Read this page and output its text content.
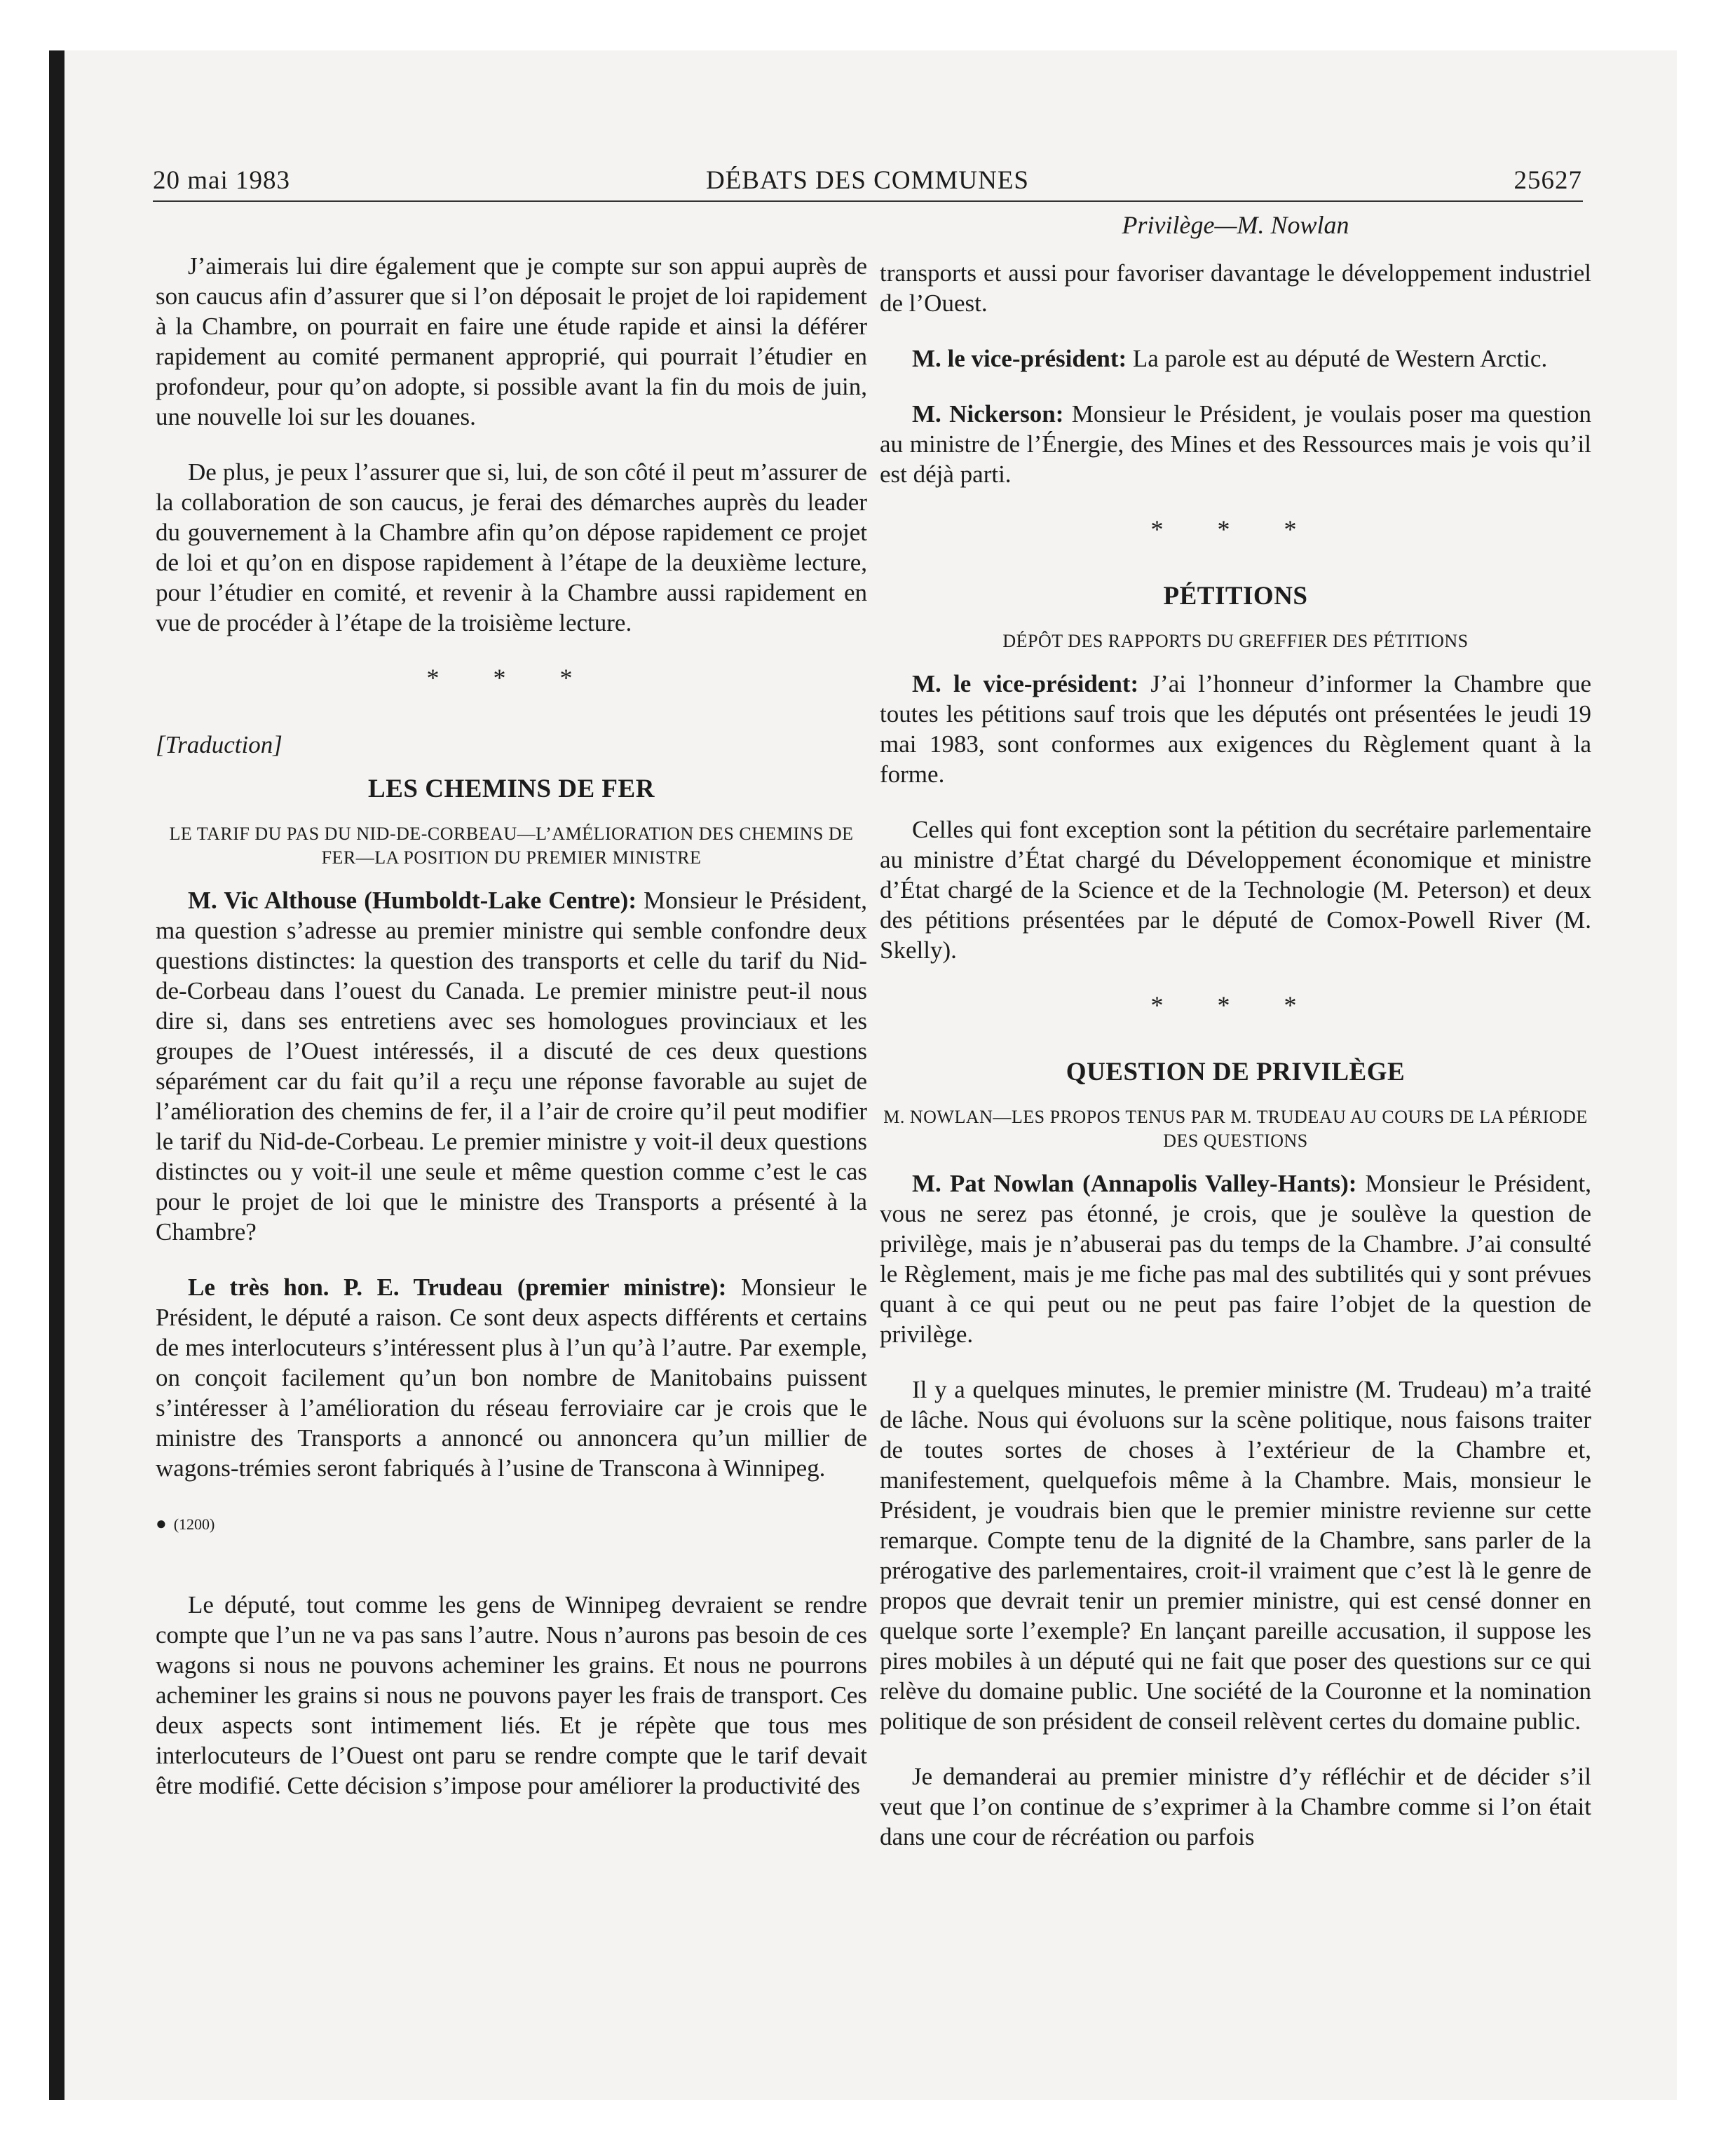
20 mai 1983	DÉBATS DES COMMUNES	25627
Privilège—M. Nowlan

J’aimerais lui dire également que je compte sur son appui auprès de son caucus afin d’assurer que si l’on déposait le projet de loi rapidement à la Chambre, on pourrait en faire une étude rapide et ainsi la déférer rapidement au comité permanent approprié, qui pourrait l’étudier en profondeur, pour qu’on adopte, si possible avant la fin du mois de juin, une nouvelle loi sur les douanes.

De plus, je peux l’assurer que si, lui, de son côté il peut m’assurer de la collaboration de son caucus, je ferai des démarches auprès du leader du gouvernement à la Chambre afin qu’on dépose rapidement ce projet de loi et qu’on en dispose rapidement à l’étape de la deuxième lecture, pour l’étudier en comité, et revenir à la Chambre aussi rapidement en vue de procéder à l’étape de la troisième lecture.

* * *
[Traduction]
LES CHEMINS DE FER
LE TARIF DU PAS DU NID-DE-CORBEAU—L’AMÉLIORATION DES CHEMINS DE FER—LA POSITION DU PREMIER MINISTRE

M. Vic Althouse (Humboldt-Lake Centre): Monsieur le Président, ma question s’adresse au premier ministre qui semble confondre deux questions distinctes: la question des transports et celle du tarif du Nid-de-Corbeau dans l’ouest du Canada. Le premier ministre peut-il nous dire si, dans ses entretiens avec ses homologues provinciaux et les groupes de l’Ouest intéressés, il a discuté de ces deux questions séparément car du fait qu’il a reçu une réponse favorable au sujet de l’amélioration des chemins de fer, il a l’air de croire qu’il peut modifier le tarif du Nid-de-Corbeau. Le premier ministre y voit-il deux questions distinctes ou y voit-il une seule et même question comme c’est le cas pour le projet de loi que le ministre des Transports a présenté à la Chambre?

Le très hon. P. E. Trudeau (premier ministre): Monsieur le Président, le député a raison. Ce sont deux aspects différents et certains de mes interlocuteurs s’intéressent plus à l’un qu’à l’autre. Par exemple, on conçoit facilement qu’un bon nombre de Manitobains puissent s’intéresser à l’amélioration du réseau ferroviaire car je crois que le ministre des Transports a annoncé ou annoncera qu’un millier de wagons-trémies seront fabriqués à l’usine de Transcona à Winnipeg.

● (1200)

Le député, tout comme les gens de Winnipeg devraient se rendre compte que l’un ne va pas sans l’autre. Nous n’aurons pas besoin de ces wagons si nous ne pouvons acheminer les grains. Et nous ne pourrons acheminer les grains si nous ne pouvons payer les frais de transport. Ces deux aspects sont intimement liés. Et je répète que tous mes interlocuteurs de l’Ouest ont paru se rendre compte que le tarif devait être modifié. Cette décision s’impose pour améliorer la productivité des

transports et aussi pour favoriser davantage le développement industriel de l’Ouest.

M. le vice-président: La parole est au député de Western Arctic.

M. Nickerson: Monsieur le Président, je voulais poser ma question au ministre de l’Énergie, des Mines et des Ressources mais je vois qu’il est déjà parti.

* * *
PÉTITIONS
DÉPÔT DES RAPPORTS DU GREFFIER DES PÉTITIONS

M. le vice-président: J’ai l’honneur d’informer la Chambre que toutes les pétitions sauf trois que les députés ont présentées le jeudi 19 mai 1983, sont conformes aux exigences du Règlement quant à la forme.

Celles qui font exception sont la pétition du secrétaire parlementaire au ministre d’État chargé du Développement économique et ministre d’État chargé de la Science et de la Technologie (M. Peterson) et deux des pétitions présentées par le député de Comox-Powell River (M. Skelly).

* * *
QUESTION DE PRIVILÈGE
M. NOWLAN—LES PROPOS TENUS PAR M. TRUDEAU AU COURS DE LA PÉRIODE DES QUESTIONS

M. Pat Nowlan (Annapolis Valley-Hants): Monsieur le Président, vous ne serez pas étonné, je crois, que je soulève la question de privilège, mais je n’abuserai pas du temps de la Chambre. J’ai consulté le Règlement, mais je me fiche pas mal des subtilités qui y sont prévues quant à ce qui peut ou ne peut pas faire l’objet de la question de privilège.

Il y a quelques minutes, le premier ministre (M. Trudeau) m’a traité de lâche. Nous qui évoluons sur la scène politique, nous faisons traiter de toutes sortes de choses à l’extérieur de la Chambre et, manifestement, quelquefois même à la Chambre. Mais, monsieur le Président, je voudrais bien que le premier ministre revienne sur cette remarque. Compte tenu de la dignité de la Chambre, sans parler de la prérogative des parlementaires, croit-il vraiment que c’est là le genre de propos que devrait tenir un premier ministre, qui est censé donner en quelque sorte l’exemple? En lançant pareille accusation, il suppose les pires mobiles à un député qui ne fait que poser des questions sur ce qui relève du domaine public. Une société de la Couronne et la nomination politique de son président de conseil relèvent certes du domaine public.

Je demanderai au premier ministre d’y réfléchir et de décider s’il veut que l’on continue de s’exprimer à la Chambre comme si l’on était dans une cour de récréation ou parfois
